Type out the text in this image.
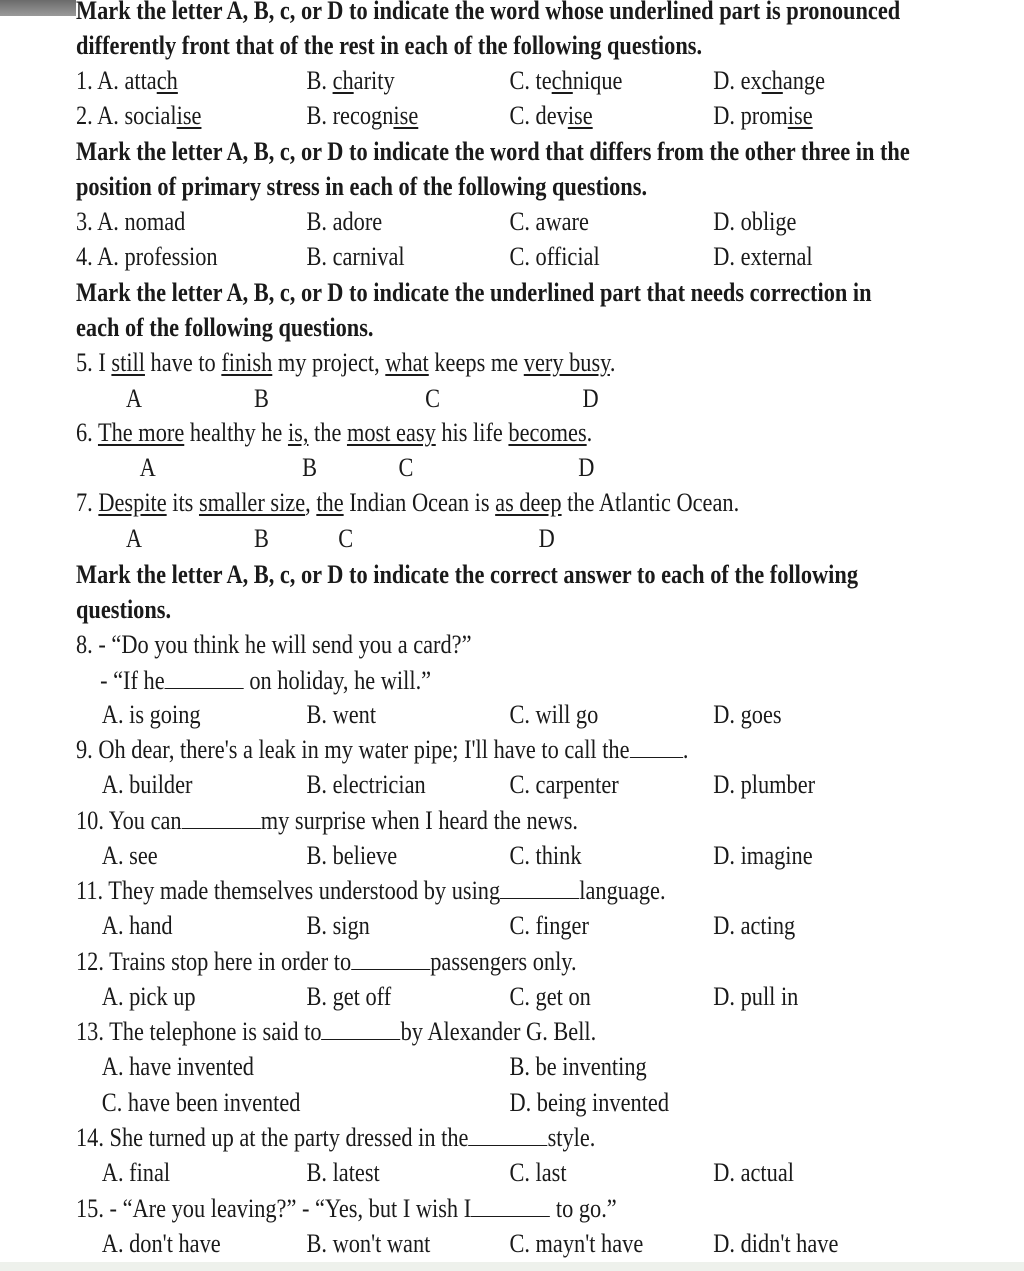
Mark the letter A, B, c, or D to indicate the word whose underlined part is pronounced
differently front that of the rest in each of the following questions.
1. A. attach	B. charity	C. technique	D. exchange
2. A. socialise	B. recognise	C. devise	D. promise
Mark the letter A, B, c, or D to indicate the word that differs from the other three in the
position of primary stress in each of the following questions.
3. A. nomad	B. adore	C. aware	D. oblige
4. A. profession	B. carnival	C. official	D. external
Mark the letter A, B, c, or D to indicate the underlined part that needs correction in
each of the following questions.
5. I still have to finish my project, what keeps me very busy.
A	B	C	D
6. The more healthy he is, the most easy his life becomes.
A	B	C	D
7. Despite its smaller size, the Indian Ocean is as deep the Atlantic Ocean.
A	B	C	D
Mark the letter A, B, c, or D to indicate the correct answer to each of the following
questions.
8. - “Do you think he will send you a card?”
- “If he	on holiday, he will.”
A. is going	B. went	C. will go	D. goes
9. Oh dear, there's a leak in my water pipe; I'll have to call the .
A. builder	B. electrician	C. carpenter	D. plumber
10. You can	my surprise when I heard the news.
A. see	B. believe	C. think	D. imagine
11. They made themselves understood by using	language.
A. hand	B. sign	C. finger	D. acting
12. Trains stop here in order to	passengers only.
A. pick up	B. get off	C. get on	D. pull in
13. The telephone is said to	by Alexander G. Bell.
A. have invented	B. be inventing
C. have been invented	D. being invented
14. She turned up at the party dressed in the	style.
A. final	B. latest	C. last	D. actual
15. - “Are you leaving?” - “Yes, but I wish I	to go.”
A. don't have	B. won't want	C. mayn't have	D. didn't have
